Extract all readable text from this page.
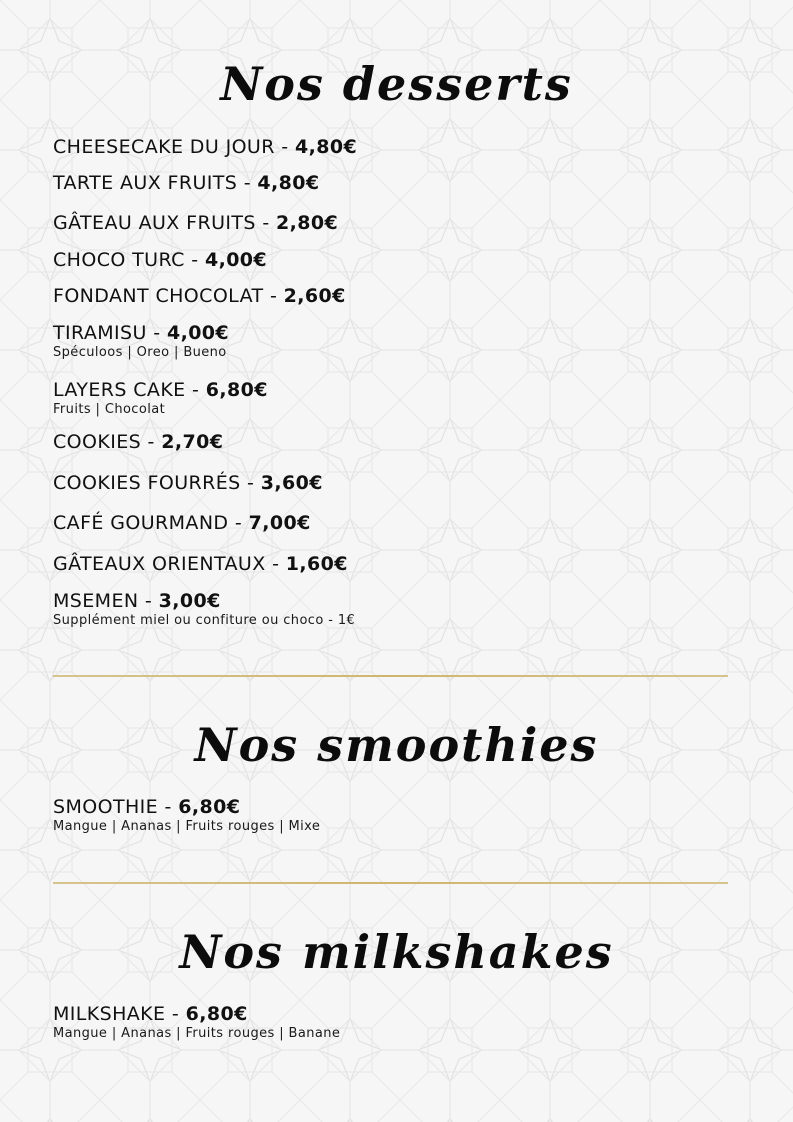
Nos desserts
CHEESECAKE DU JOUR - 4,80€
TARTE AUX FRUITS - 4,80€
GÂTEAU AUX FRUITS - 2,80€
CHOCO TURC - 4,00€
FONDANT CHOCOLAT - 2,60€
TIRAMISU - 4,00€
Spéculoos | Oreo | Bueno
LAYERS CAKE - 6,80€
Fruits | Chocolat
COOKIES - 2,70€
COOKIES FOURRÉS - 3,60€
CAFÉ GOURMAND - 7,00€
GÂTEAUX ORIENTAUX - 1,60€
MSEMEN - 3,00€
Supplément miel ou confiture ou choco - 1€
Nos smoothies
SMOOTHIE - 6,80€
Mangue | Ananas | Fruits rouges | Mixe
Nos milkshakes
MILKSHAKE - 6,80€
Mangue | Ananas | Fruits rouges | Banane
